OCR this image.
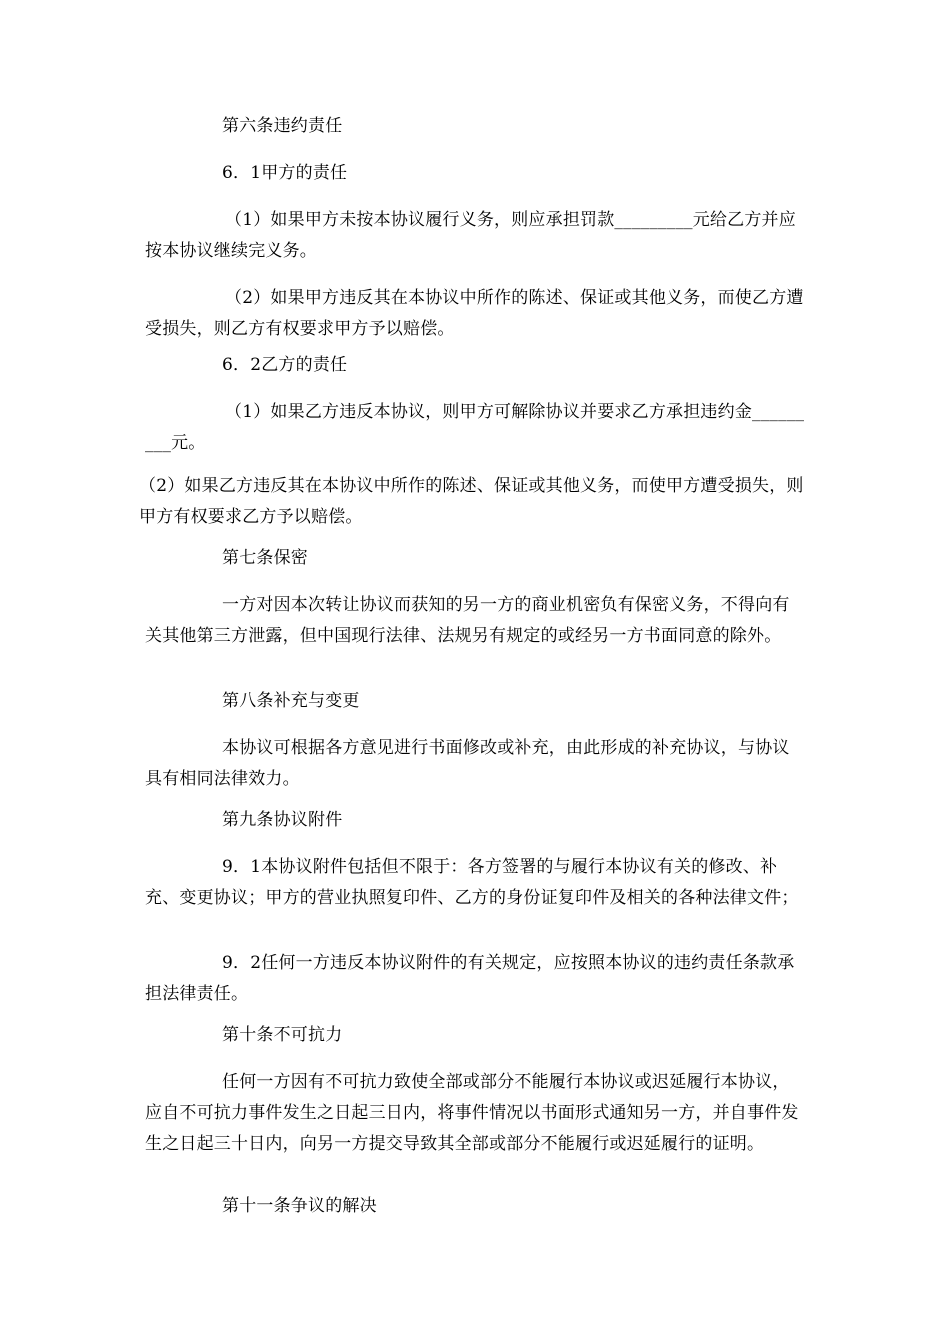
第六条违约责任

6．1甲方的责任

（1）如果甲方未按本协议履行义务，则应承担罚款_________元给乙方并应按本协议继续完义务。

（2）如果甲方违反其在本协议中所作的陈述、保证或其他义务，而使乙方遭受损失，则乙方有权要求甲方予以赔偿。

6．2乙方的责任

（1）如果乙方违反本协议，则甲方可解除协议并要求乙方承担违约金_________元。

（2）如果乙方违反其在本协议中所作的陈述、保证或其他义务，而使甲方遭受损失，则甲方有权要求乙方予以赔偿。

第七条保密

一方对因本次转让协议而获知的另一方的商业机密负有保密义务，不得向有关其他第三方泄露，但中国现行法律、法规另有规定的或经另一方书面同意的除外。

第八条补充与变更

本协议可根据各方意见进行书面修改或补充，由此形成的补充协议，与协议具有相同法律效力。

第九条协议附件

9．1本协议附件包括但不限于：各方签署的与履行本协议有关的修改、补充、变更协议；甲方的营业执照复印件、乙方的身份证复印件及相关的各种法律文件；

9．2任何一方违反本协议附件的有关规定，应按照本协议的违约责任条款承担法律责任。

第十条不可抗力

任何一方因有不可抗力致使全部或部分不能履行本协议或迟延履行本协议，应自不可抗力事件发生之日起三日内，将事件情况以书面形式通知另一方，并自事件发生之日起三十日内，向另一方提交导致其全部或部分不能履行或迟延履行的证明。

第十一条争议的解决
